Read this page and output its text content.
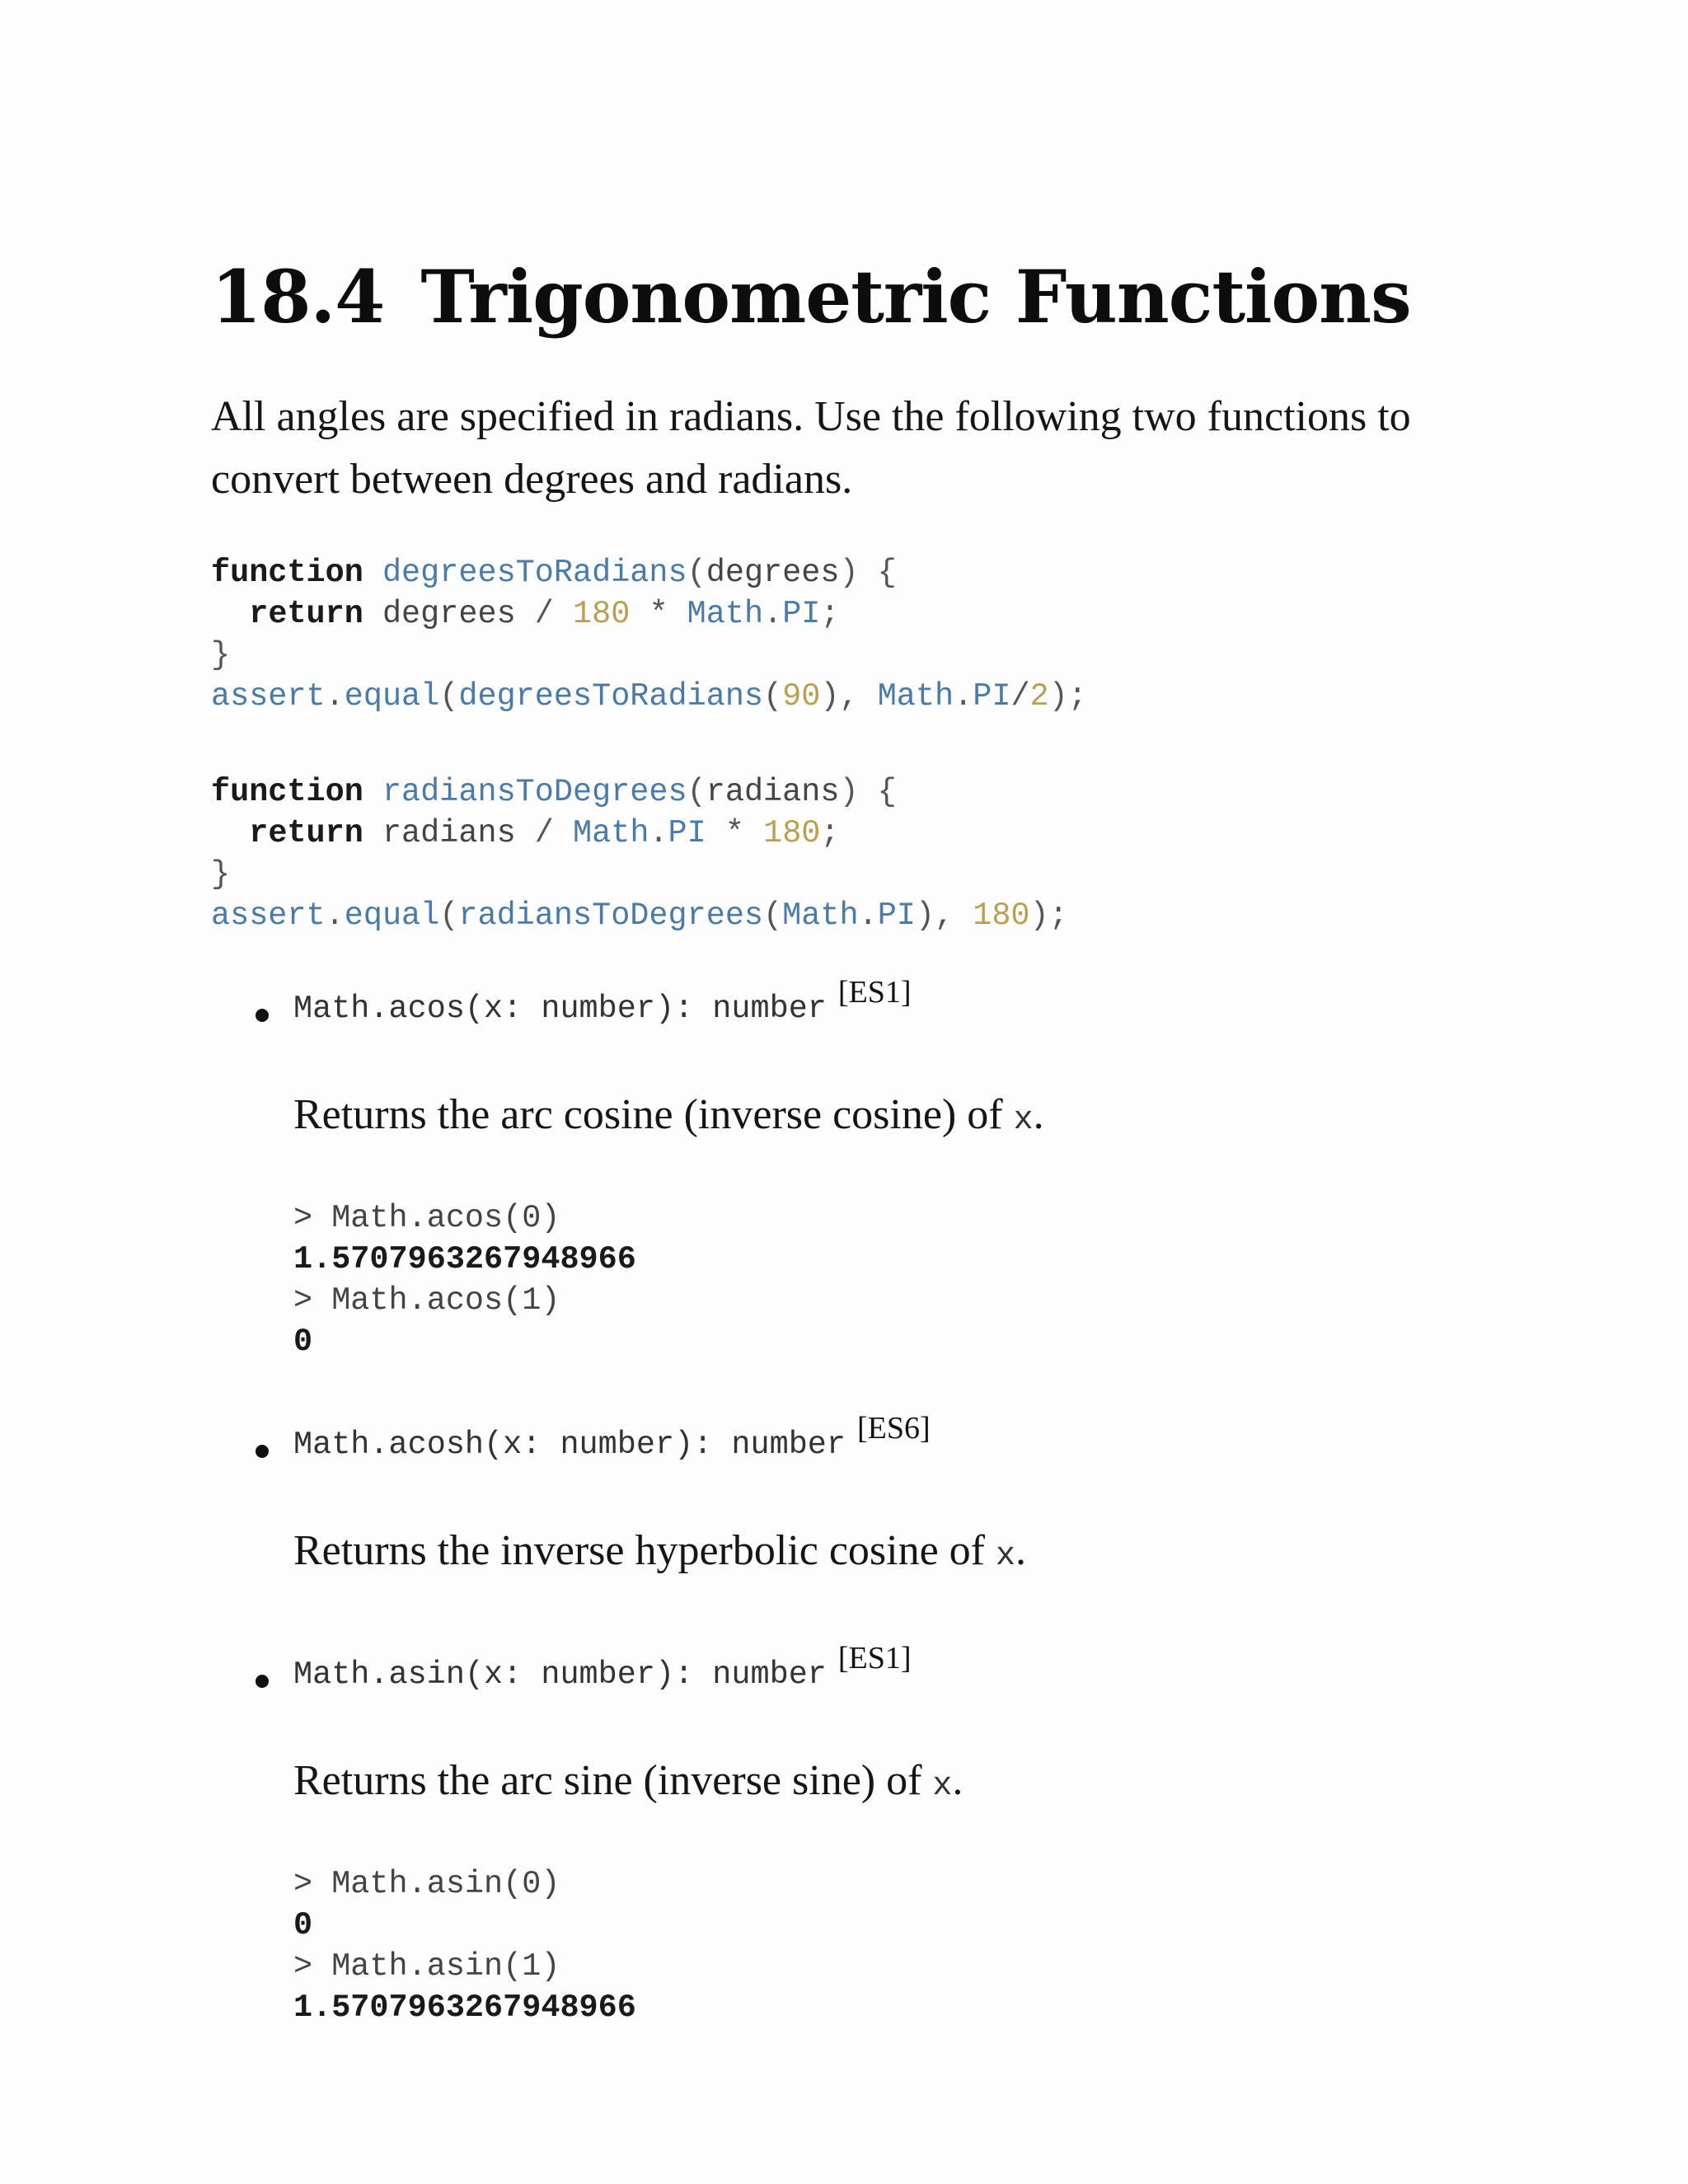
18.4 Trigonometric Functions

All angles are specified in radians. Use the following two functions to convert between degrees and radians.

function degreesToRadians(degrees) {
return degrees / 180 * Math.PI;
}
assert.equal(degreesToRadians(90), Math.PI/2);

function radiansToDegrees(radians) {
return radians / Math.PI * 180;
}
assert.equal(radiansToDegrees(Math.PI), 180);
Math.acos(x: number): number [ES1]

Returns the arc cosine (inverse cosine) of x.

> Math.acos(0)
1.5707963267948966
> Math.acos(1)
0
Math.acosh(x: number): number [ES6]

Returns the inverse hyperbolic cosine of x.

Math.asin(x: number): number [ES1]

Returns the arc sine (inverse sine) of x.

> Math.asin(0)
0
> Math.asin(1)
1.5707963267948966
